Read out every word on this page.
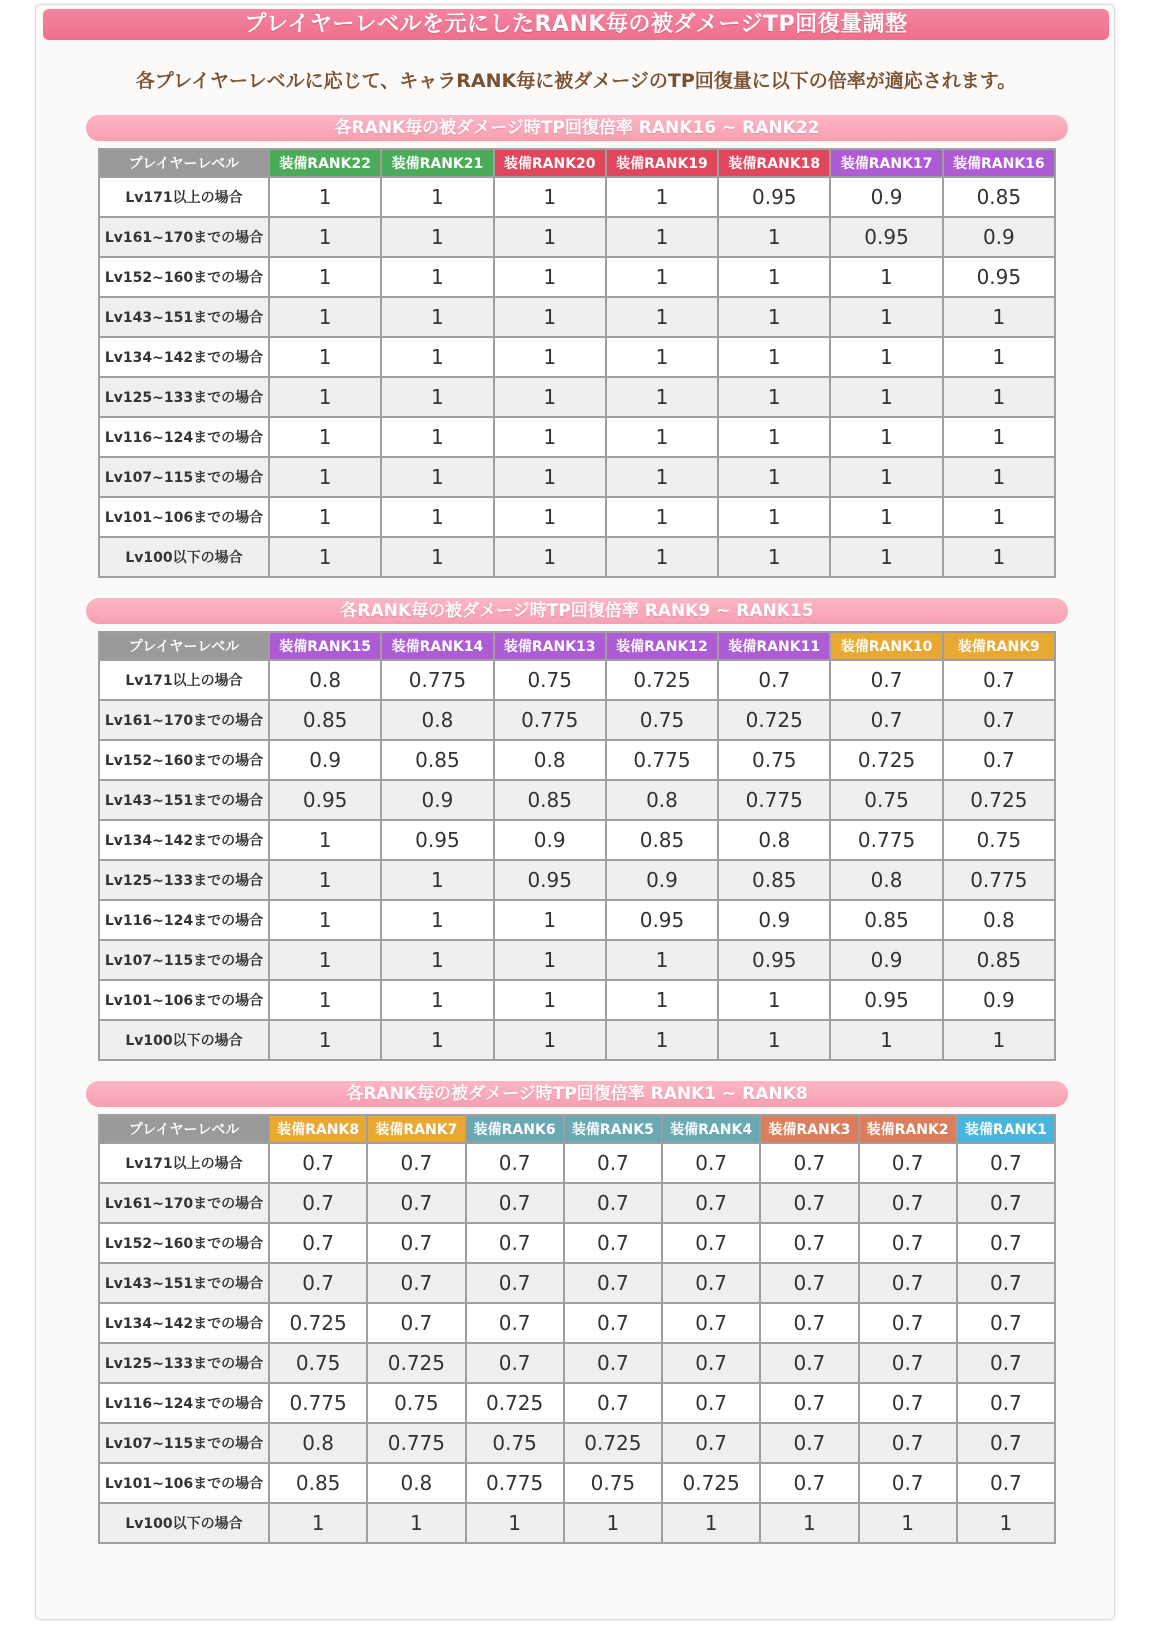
プレイヤーレベルを元にしたRANK毎の被ダメージTP回復量調整
各プレイヤーレベルに応じて、キャラRANK毎に被ダメージのTP回復量に以下の倍率が適応されます。
各RANK毎の被ダメージ時TP回復倍率 RANK16 ~ RANK22
プレイヤーレベル	装備RANK22	装備RANK21	装備RANK20	装備RANK19	装備RANK18	装備RANK17	装備RANK16
Lv171以上の場合	1	1	1	1	0.95	0.9	0.85
Lv161~170までの場合	1	1	1	1	1	0.95	0.9
Lv152~160までの場合	1	1	1	1	1	1	0.95
Lv143~151までの場合	1	1	1	1	1	1	1
Lv134~142までの場合	1	1	1	1	1	1	1
Lv125~133までの場合	1	1	1	1	1	1	1
Lv116~124までの場合	1	1	1	1	1	1	1
Lv107~115までの場合	1	1	1	1	1	1	1
Lv101~106までの場合	1	1	1	1	1	1	1
Lv100以下の場合	1	1	1	1	1	1	1
各RANK毎の被ダメージ時TP回復倍率 RANK9 ~ RANK15
プレイヤーレベル	装備RANK15	装備RANK14	装備RANK13	装備RANK12	装備RANK11	装備RANK10	装備RANK9
Lv171以上の場合	0.8	0.775	0.75	0.725	0.7	0.7	0.7
Lv161~170までの場合	0.85	0.8	0.775	0.75	0.725	0.7	0.7
Lv152~160までの場合	0.9	0.85	0.8	0.775	0.75	0.725	0.7
Lv143~151までの場合	0.95	0.9	0.85	0.8	0.775	0.75	0.725
Lv134~142までの場合	1	0.95	0.9	0.85	0.8	0.775	0.75
Lv125~133までの場合	1	1	0.95	0.9	0.85	0.8	0.775
Lv116~124までの場合	1	1	1	0.95	0.9	0.85	0.8
Lv107~115までの場合	1	1	1	1	0.95	0.9	0.85
Lv101~106までの場合	1	1	1	1	1	0.95	0.9
Lv100以下の場合	1	1	1	1	1	1	1
各RANK毎の被ダメージ時TP回復倍率 RANK1 ~ RANK8
プレイヤーレベル	装備RANK8	装備RANK7	装備RANK6	装備RANK5	装備RANK4	装備RANK3	装備RANK2	装備RANK1
Lv171以上の場合	0.7	0.7	0.7	0.7	0.7	0.7	0.7	0.7
Lv161~170までの場合	0.7	0.7	0.7	0.7	0.7	0.7	0.7	0.7
Lv152~160までの場合	0.7	0.7	0.7	0.7	0.7	0.7	0.7	0.7
Lv143~151までの場合	0.7	0.7	0.7	0.7	0.7	0.7	0.7	0.7
Lv134~142までの場合	0.725	0.7	0.7	0.7	0.7	0.7	0.7	0.7
Lv125~133までの場合	0.75	0.725	0.7	0.7	0.7	0.7	0.7	0.7
Lv116~124までの場合	0.775	0.75	0.725	0.7	0.7	0.7	0.7	0.7
Lv107~115までの場合	0.8	0.775	0.75	0.725	0.7	0.7	0.7	0.7
Lv101~106までの場合	0.85	0.8	0.775	0.75	0.725	0.7	0.7	0.7
Lv100以下の場合	1	1	1	1	1	1	1	1
